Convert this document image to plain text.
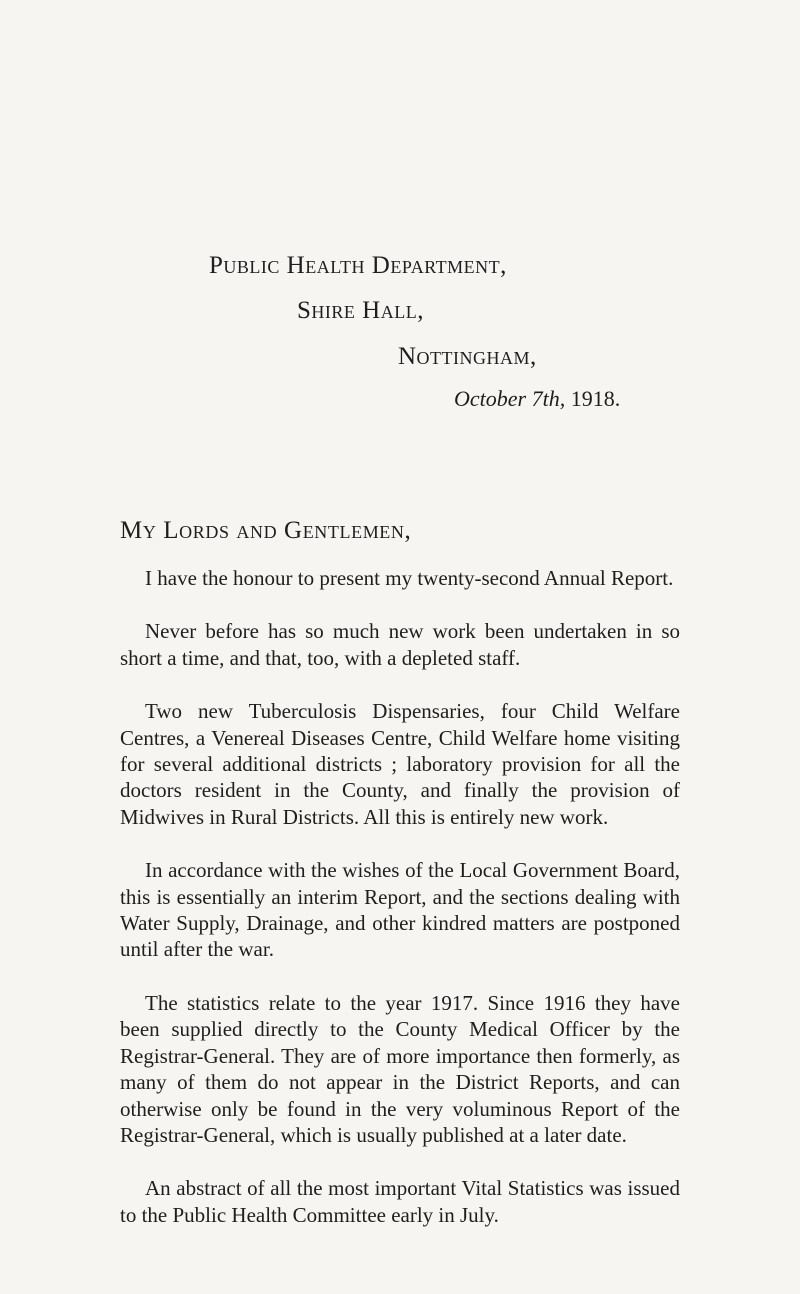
Public Health Department,
Shire Hall,
Nottingham,
October 7th, 1918.
My Lords and Gentlemen,

I have the honour to present my twenty-second Annual Report.

Never before has so much new work been undertaken in so short a time, and that, too, with a depleted staff.

Two new Tuberculosis Dispensaries, four Child Welfare Centres, a Venereal Diseases Centre, Child Welfare home visiting for several additional districts ; laboratory provision for all the doctors resident in the County, and finally the provision of Midwives in Rural Districts. All this is entirely new work.

In accordance with the wishes of the Local Government Board, this is essentially an interim Report, and the sections dealing with Water Supply, Drainage, and other kindred matters are postponed until after the war.

The statistics relate to the year 1917. Since 1916 they have been supplied directly to the County Medical Officer by the Registrar-General. They are of more importance then formerly, as many of them do not appear in the District Reports, and can otherwise only be found in the very voluminous Report of the Registrar-General, which is usually published at a later date.

An abstract of all the most important Vital Statistics was issued to the Public Health Committee early in July.
